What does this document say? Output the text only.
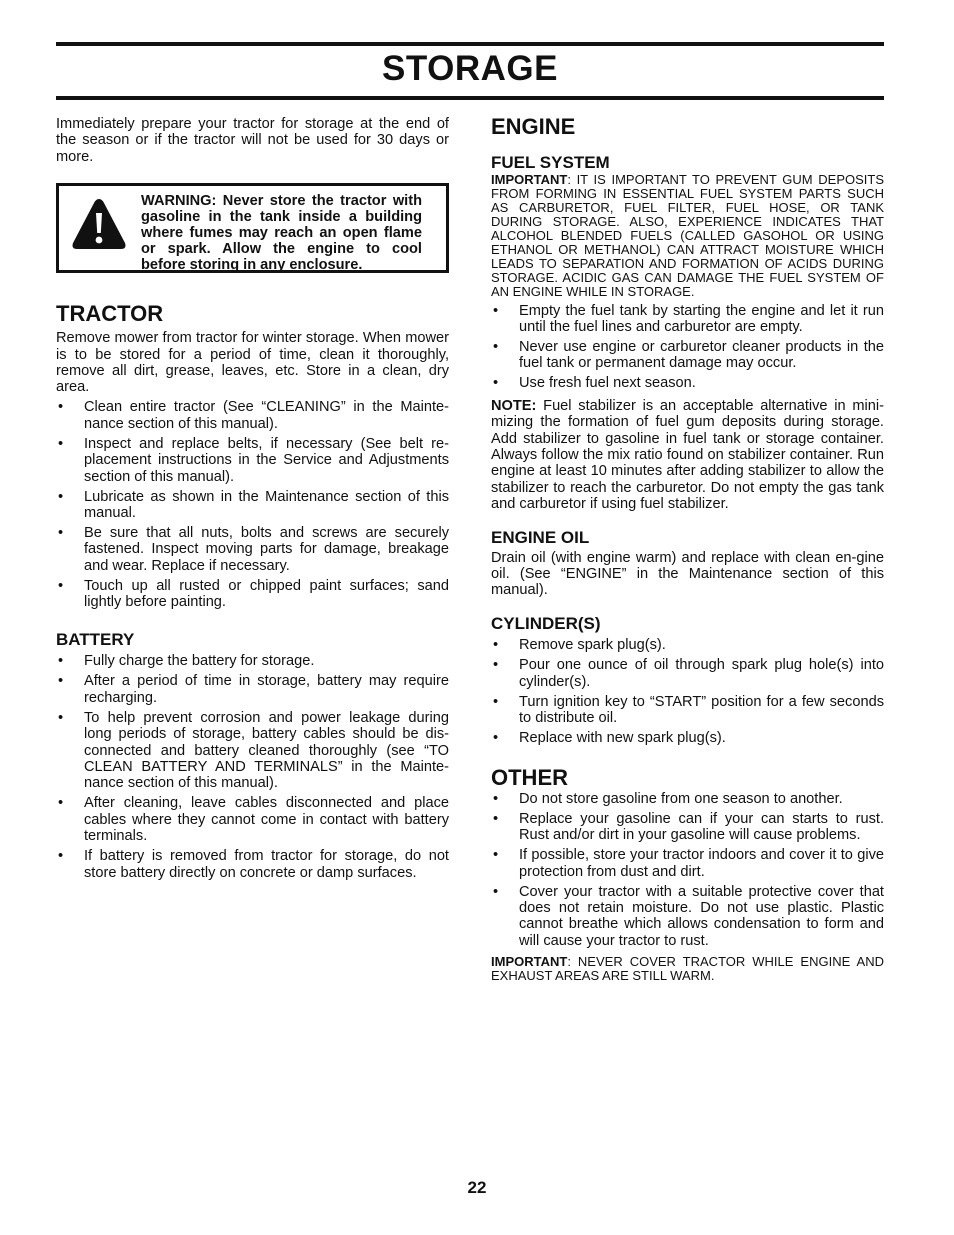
STORAGE

Immediately prepare your tractor for storage at the end of the season or if the tractor will not be used for 30 days or more.

WARNING: Never store the tractor with gasoline in the tank inside a building where fumes may reach an open flame or spark. Allow the engine to cool before storing in any enclosure.
TRACTOR

Remove mower from tractor for winter storage. When mower is to be stored for a period of time, clean it thoroughly, remove all dirt, grease, leaves, etc. Store in a clean, dry area.

• Clean entire tractor (See “CLEANING” in the Mainte-nance section of this manual).
• Inspect and replace belts, if necessary (See belt re-placement instructions in the Service and Adjustments section of this manual).
• Lubricate as shown in the Maintenance section of this manual.
• Be sure that all nuts, bolts and screws are securely fastened. Inspect moving parts for damage, breakage and wear. Replace if necessary.
• Touch up all rusted or chipped paint surfaces; sand lightly before painting.
BATTERY
• Fully charge the battery for storage.
• After a period of time in storage, battery may require recharging.
• To help prevent corrosion and power leakage during long periods of storage, battery cables should be dis-connected and battery cleaned thoroughly (see “TO CLEAN BATTERY AND TERMINALS” in the Mainte-nance section of this manual).
• After cleaning, leave cables disconnected and place cables where they cannot come in contact with battery terminals.
• If battery is removed from tractor for storage, do not store battery directly on concrete or damp surfaces.
ENGINE
FUEL SYSTEM

IMPORTANT: IT IS IMPORTANT TO PREVENT GUM DEPOSITS FROM FORMING IN ESSENTIAL FUEL SYSTEM PARTS SUCH AS CARBURETOR, FUEL FILTER, FUEL HOSE, OR TANK DURING STORAGE. ALSO, EXPERIENCE INDICATES THAT ALCOHOL BLENDED FUELS (CALLED GASOHOL OR USING ETHANOL OR METHANOL) CAN ATTRACT MOISTURE WHICH LEADS TO SEPARATION AND FORMATION OF ACIDS DURING STORAGE. ACIDIC GAS CAN DAMAGE THE FUEL SYSTEM OF AN ENGINE WHILE IN STORAGE.

• Empty the fuel tank by starting the engine and let it run until the fuel lines and carburetor are empty.
• Never use engine or carburetor cleaner products in the fuel tank or permanent damage may occur.
• Use fresh fuel next season.

NOTE: Fuel stabilizer is an acceptable alternative in mini-mizing the formation of fuel gum deposits during storage. Add stabilizer to gasoline in fuel tank or storage container. Always follow the mix ratio found on stabilizer container. Run engine at least 10 minutes after adding stabilizer to allow the stabilizer to reach the carburetor. Do not empty the gas tank and carburetor if using fuel stabilizer.

ENGINE OIL

Drain oil (with engine warm) and replace with clean en-gine oil. (See “ENGINE” in the Maintenance section of this manual).

CYLINDER(S)
• Remove spark plug(s).
• Pour one ounce of oil through spark plug hole(s) into cylinder(s).
• Turn ignition key to “START” position for a few seconds to distribute oil.
• Replace with new spark plug(s).
OTHER
• Do not store gasoline from one season to another.
• Replace your gasoline can if your can starts to rust. Rust and/or dirt in your gasoline will cause problems.
• If possible, store your tractor indoors and cover it to give protection from dust and dirt.
• Cover your tractor with a suitable protective cover that does not retain moisture. Do not use plastic. Plastic cannot breathe which allows condensation to form and will cause your tractor to rust.

IMPORTANT: NEVER COVER TRACTOR WHILE ENGINE AND EXHAUST AREAS ARE STILL WARM.

22
